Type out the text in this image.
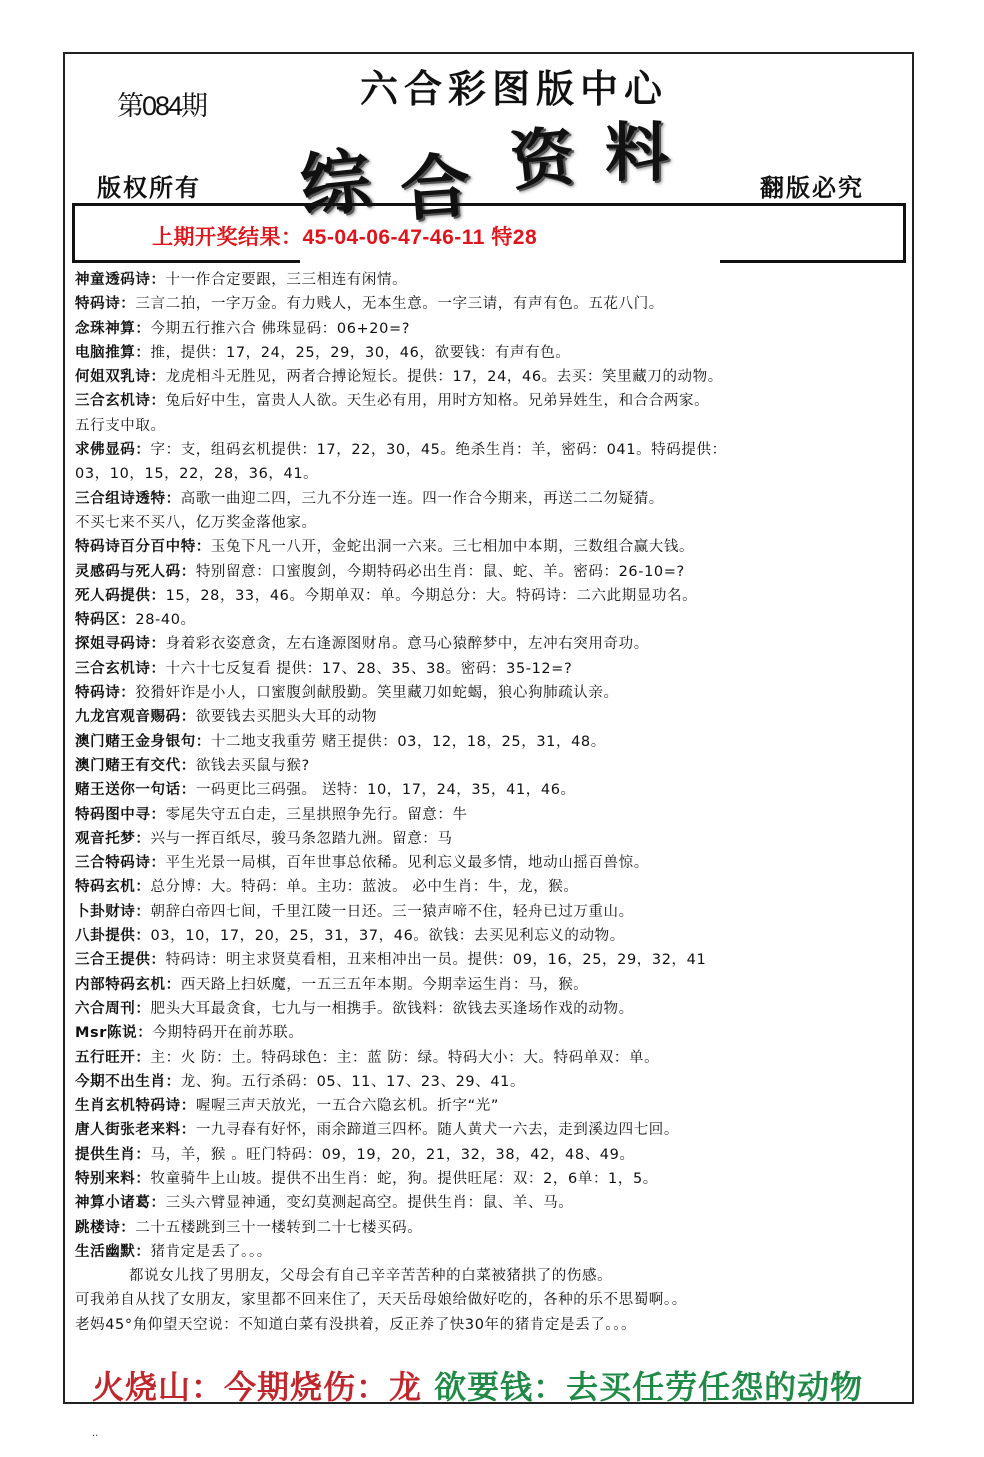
第084期	六合彩图版中心
版权所有	翻版必究
综 合 资 料
上期开奖结果：45-04-06-47-46-11 特28
神童透码诗：十一作合定要跟，三三相连有闲情。
特码诗：三言二拍，一字万金。有力贱人，无本生意。一字三请，有声有色。五花八门。
念珠神算：今期五行推六合 佛珠显码：06+20=?
电脑推算：推，提供：17，24，25，29，30，46，欲要钱：有声有色。
何姐双乳诗：龙虎相斗无胜见，两者合搏论短长。提供：17，24，46。去买：笑里藏刀的动物。
三合玄机诗：兔后好中生，富贵人人欲。天生必有用，用时方知格。兄弟异姓生，和合合两家。
五行支中取。
求佛显码：字：支，组码玄机提供：17，22，30，45。绝杀生肖：羊，密码：041。特码提供：
03，10，15，22，28，36，41。
三合组诗透特：高歌一曲迎二四，三九不分连一连。四一作合今期来，再送二二勿疑猜。
不买七来不买八，亿万奖金落他家。
特码诗百分百中特：玉兔下凡一八开，金蛇出洞一六来。三七相加中本期，三数组合赢大钱。
灵感码与死人码：特别留意：口蜜腹剑，今期特码必出生肖：鼠、蛇、羊。密码：26-10=?
死人码提供：15，28，33，46。今期单双：单。今期总分：大。特码诗：二六此期显功名。
特码区：28-40。
探姐寻码诗：身着彩衣姿意贪，左右逢源图财帛。意马心猿醉梦中，左冲右突用奇功。
三合玄机诗：十六十七反复看 提供：17、28、35、38。密码：35-12=?
特码诗：狡猾奸诈是小人，口蜜腹剑献殷勤。笑里藏刀如蛇蝎，狼心狗肺疏认亲。
九龙宫观音赐码：欲要钱去买肥头大耳的动物
澳门赌王金身银句：十二地支我重劳 赌王提供：03，12，18，25，31，48。
澳门赌王有交代：欲钱去买鼠与猴?
赌王送你一句话：一码更比三码强。 送特：10，17，24，35，41，46。
特码图中寻：零尾失守五白走，三星拱照争先行。留意：牛
观音托梦：兴与一挥百纸尽，骏马条忽踏九洲。留意：马
三合特码诗：平生光景一局棋，百年世事总依稀。见利忘义最多情，地动山摇百兽惊。
特码玄机：总分博：大。特码：单。主功：蓝波。 必中生肖：牛，龙，猴。
卜卦财诗：朝辞白帝四七间，千里江陵一日还。三一猿声啼不住，轻舟已过万重山。
八卦提供：03，10，17，20，25，31，37，46。欲钱：去买见利忘义的动物。
三合王提供：特码诗：明主求贤莫看相，丑来相冲出一员。提供：09，16，25，29，32，41
内部特码玄机：西天路上扫妖魔，一五三五年本期。今期幸运生肖：马，猴。
六合周刊：肥头大耳最贪食，七九与一相携手。欲钱料：欲钱去买逢场作戏的动物。
Msr陈说：今期特码开在前苏联。
五行旺开：主：火 防：土。特码球色：主：蓝 防：绿。特码大小：大。特码单双：单。
今期不出生肖：龙、狗。五行杀码：05、11、17、23、29、41。
生肖玄机特码诗：喔喔三声天放光，一五合六隐玄机。折字“光”
唐人街张老来料：一九寻春有好怀，雨余蹄道三四杯。随人黄犬一六去，走到溪边四七回。
提供生肖：马，羊，猴 。旺门特码：09，19，20，21，32，38，42，48、49。
特别来料：牧童骑牛上山坡。提供不出生肖：蛇，狗。提供旺尾：双：2，6单：1，5。
神算小诸葛：三头六臂显神通，变幻莫测起高空。提供生肖：鼠、羊、马。
跳楼诗：二十五楼跳到三十一楼转到二十七楼买码。
生活幽默：猪肯定是丢了。。。
都说女儿找了男朋友，父母会有自己辛辛苦苦种的白菜被猪拱了的伤感。
可我弟自从找了女朋友，家里都不回来住了，天天岳母娘给做好吃的，各种的乐不思蜀啊。。
老妈45°角仰望天空说：不知道白菜有没拱着，反正养了快30年的猪肯定是丢了。。。
火烧山：今期烧伤：龙 欲要钱：去买任劳任怨的动物
..
